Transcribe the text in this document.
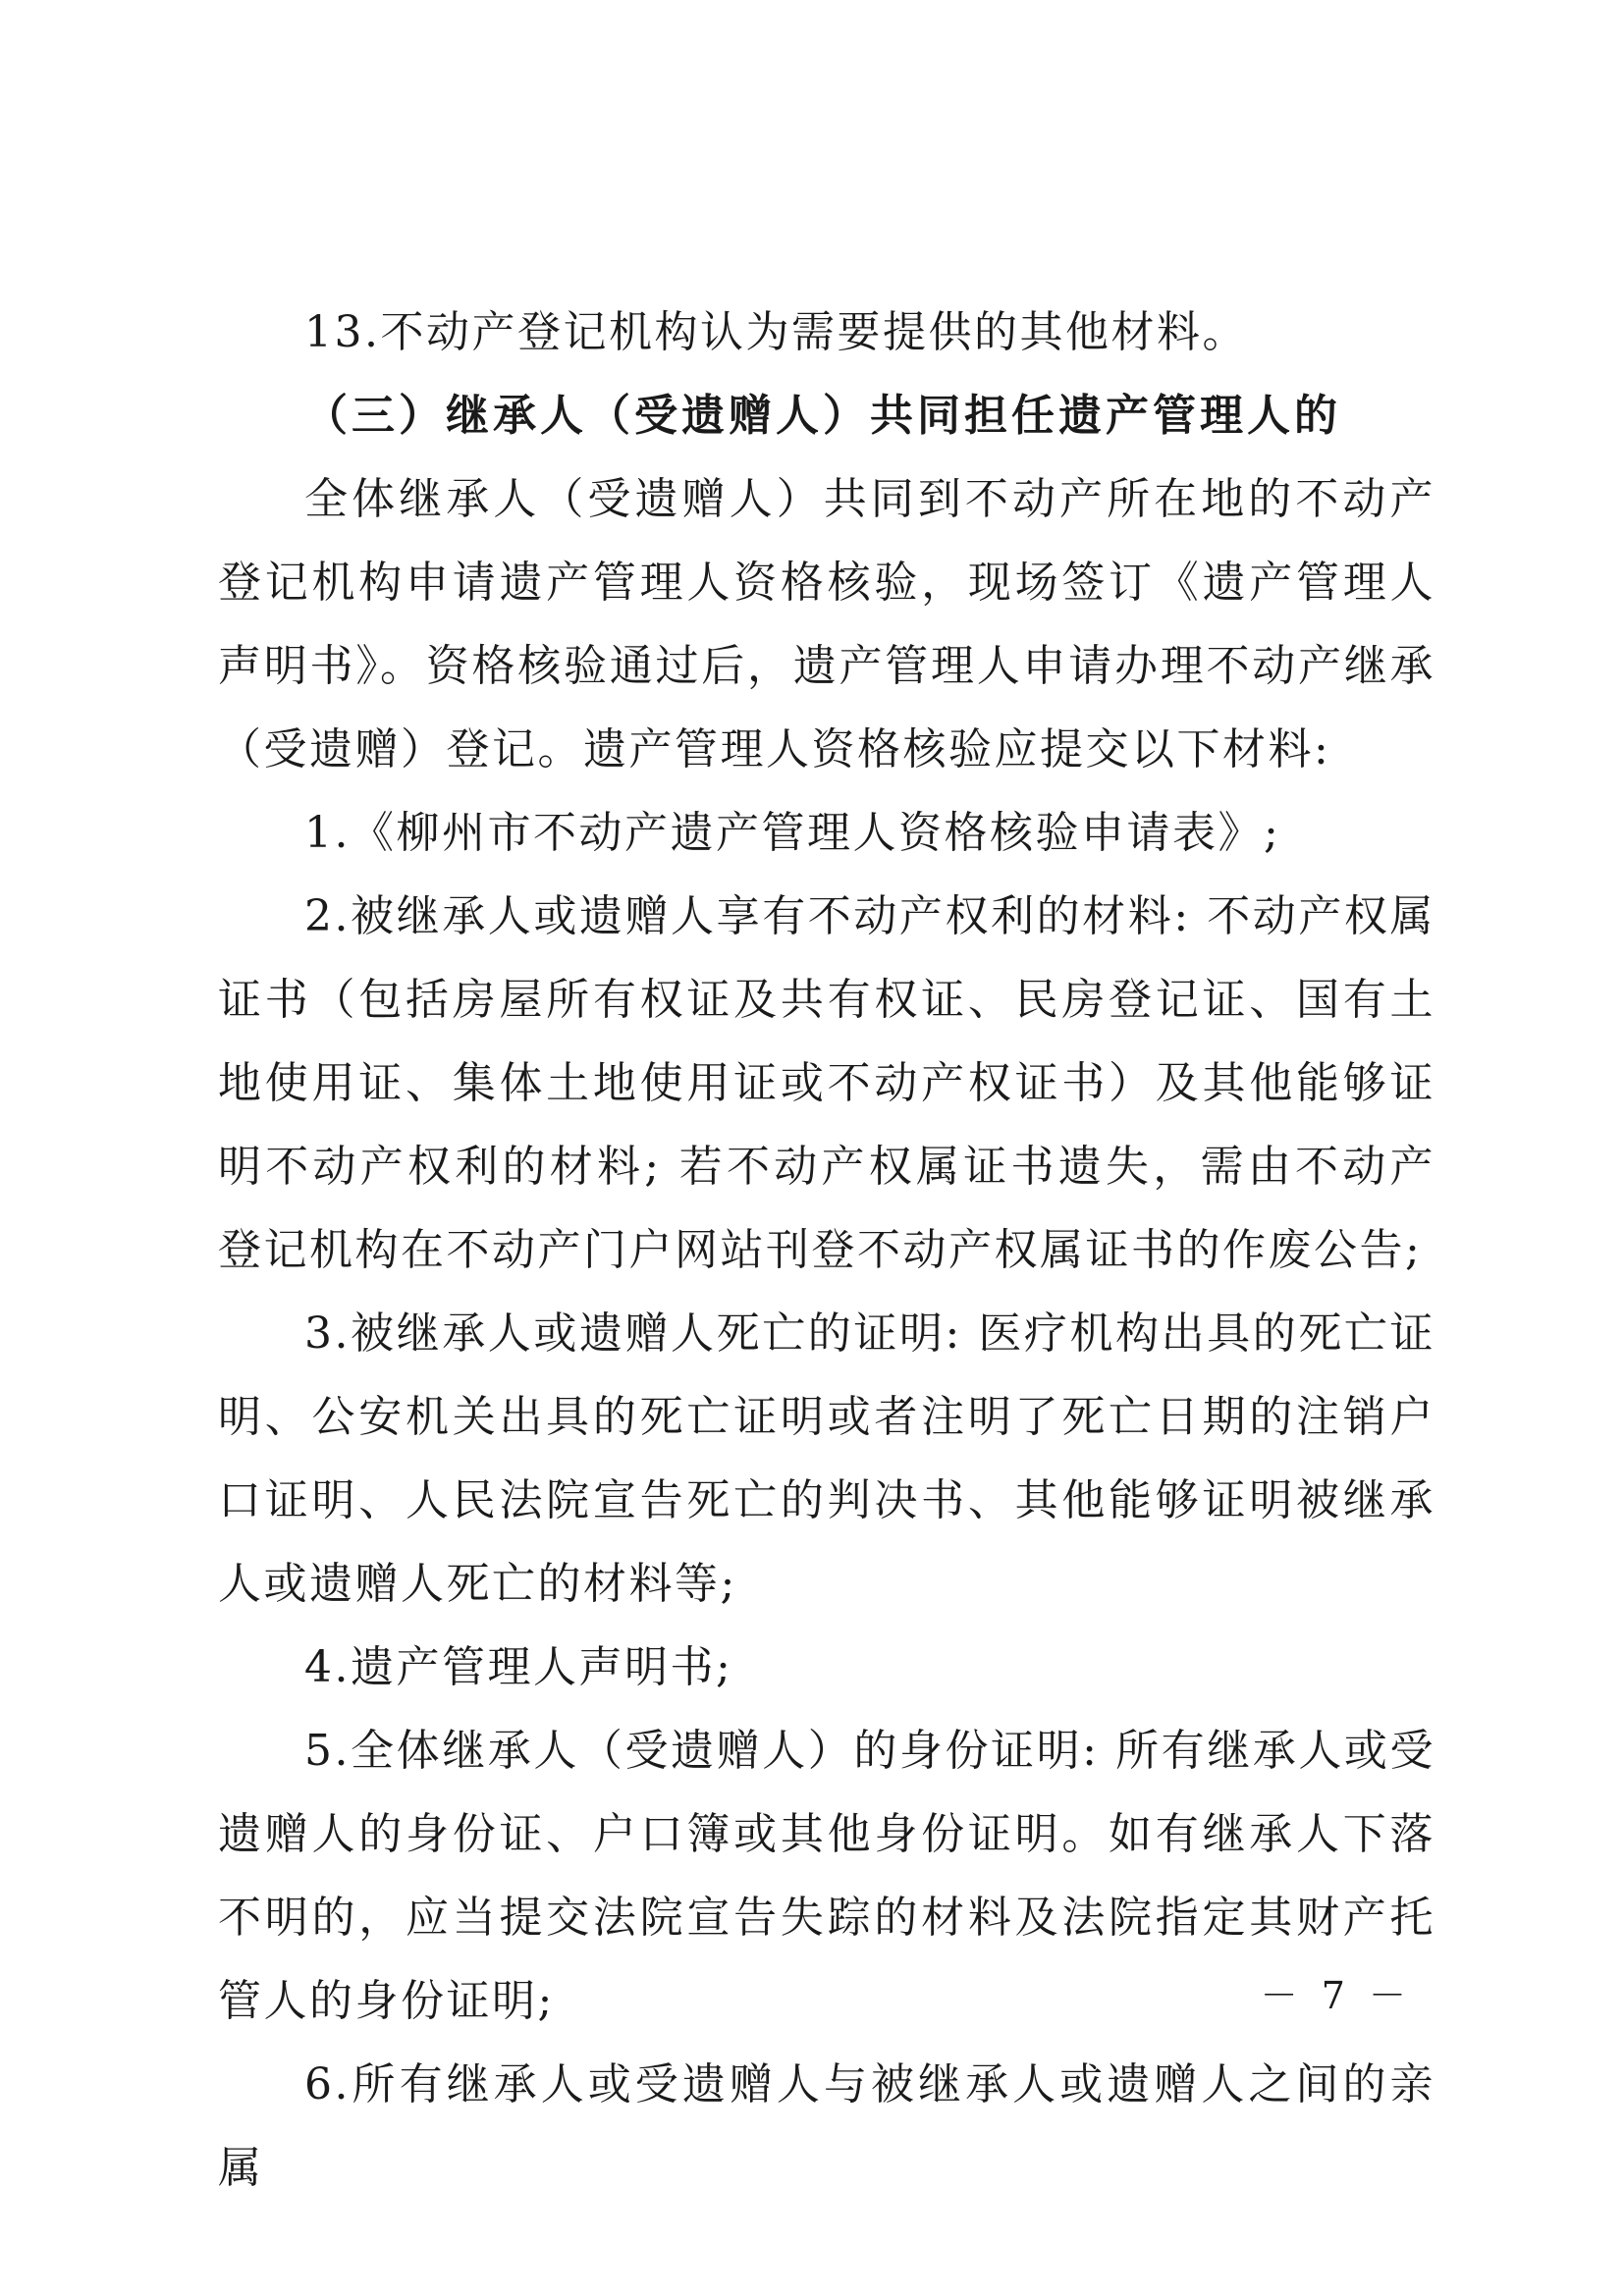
13.不动产登记机构认为需要提供的其他材料。

（三）继承人（受遗赠人）共同担任遗产管理人的

全体继承人（受遗赠人）共同到不动产所在地的不动产登记机构申请遗产管理人资格核验，现场签订《遗产管理人声明书》。资格核验通过后，遗产管理人申请办理不动产继承（受遗赠）登记。遗产管理人资格核验应提交以下材料:

1.《柳州市不动产遗产管理人资格核验申请表》;

2.被继承人或遗赠人享有不动产权利的材料: 不动产权属证书（包括房屋所有权证及共有权证、民房登记证、国有土地使用证、集体土地使用证或不动产权证书）及其他能够证明不动产权利的材料; 若不动产权属证书遗失，需由不动产登记机构在不动产门户网站刊登不动产权属证书的作废公告;

3.被继承人或遗赠人死亡的证明: 医疗机构出具的死亡证明、公安机关出具的死亡证明或者注明了死亡日期的注销户口证明、人民法院宣告死亡的判决书、其他能够证明被继承人或遗赠人死亡的材料等;

4.遗产管理人声明书;

5.全体继承人（受遗赠人）的身份证明: 所有继承人或受遗赠人的身份证、户口簿或其他身份证明。如有继承人下落不明的，应当提交法院宣告失踪的材料及法院指定其财产托管人的身份证明;

6.所有继承人或受遗赠人与被继承人或遗赠人之间的亲属

－ 7 －
